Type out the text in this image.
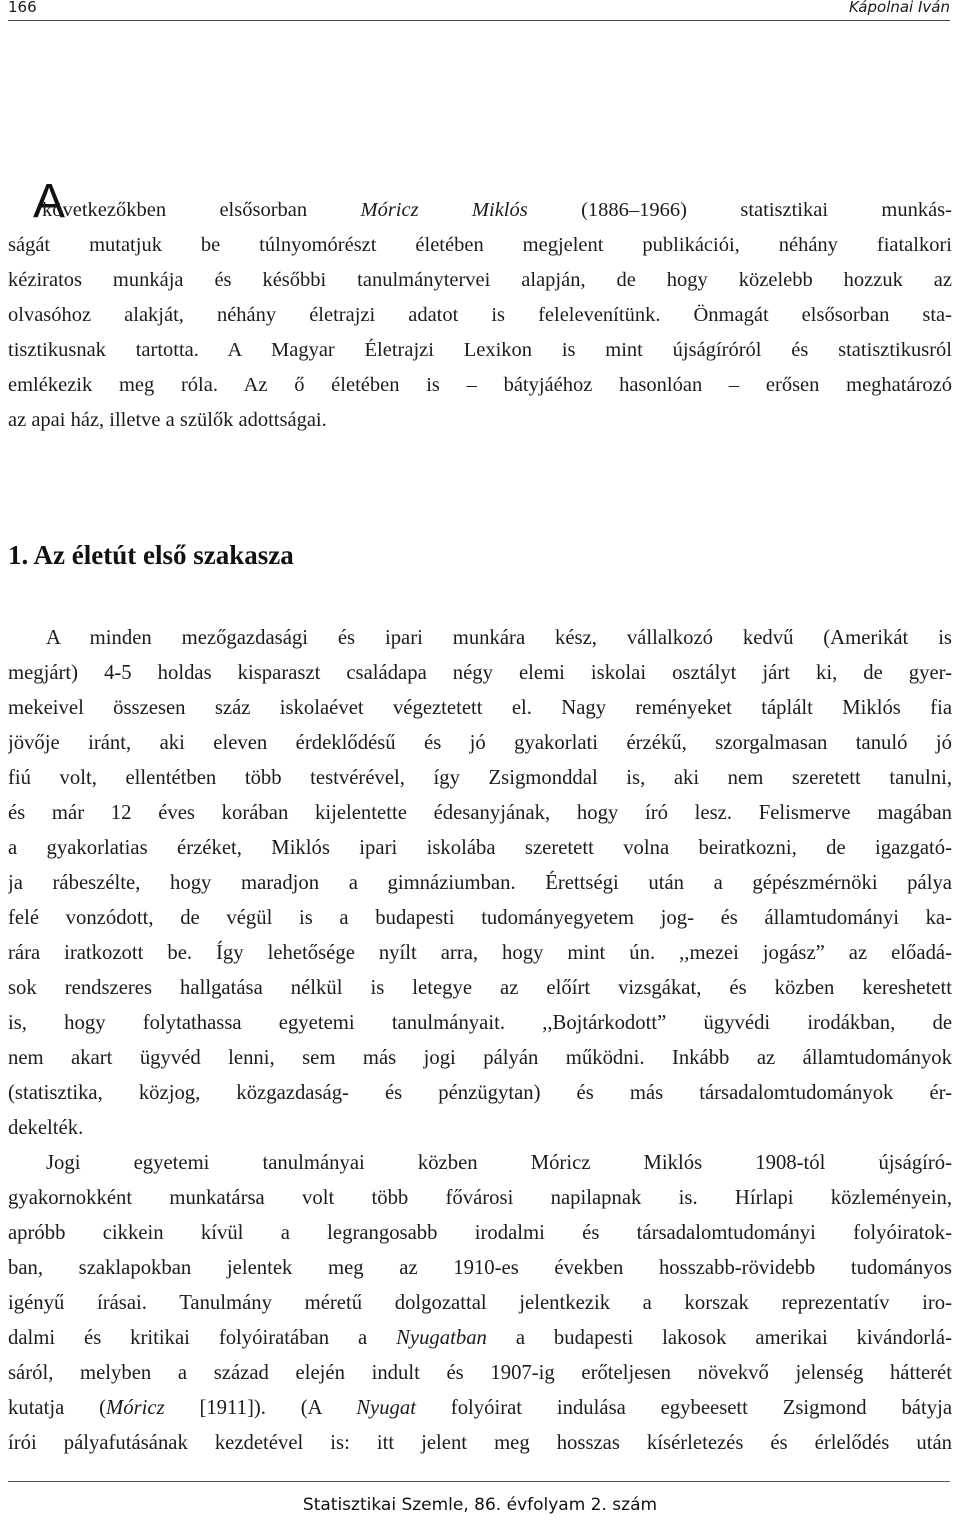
166	Kápolnai Iván
A
következőkben elsősorban Móricz Miklós (1886–1966) statisztikai munkás-
ságát mutatjuk be túlnyomórészt életében megjelent publikációi, néhány fiatalkori
kéziratos munkája és későbbi tanulmánytervei alapján, de hogy közelebb hozzuk az
olvasóhoz alakját, néhány életrajzi adatot is felelevenítünk. Önmagát elsősorban sta-
tisztikusnak tartotta. A Magyar Életrajzi Lexikon is mint újságíróról és statisztikusról
emlékezik meg róla. Az ő életében is – bátyjáéhoz hasonlóan – erősen meghatározó
az apai ház, illetve a szülők adottságai.
1. Az életút első szakasza
A minden mezőgazdasági és ipari munkára kész, vállalkozó kedvű (Amerikát is
megjárt) 4-5 holdas kisparaszt családapa négy elemi iskolai osztályt járt ki, de gyer-
mekeivel összesen száz iskolaévet végeztetett el. Nagy reményeket táplált Miklós fia
jövője iránt, aki eleven érdeklődésű és jó gyakorlati érzékű, szorgalmasan tanuló jó
fiú volt, ellentétben több testvérével, így Zsigmonddal is, aki nem szeretett tanulni,
és már 12 éves korában kijelentette édesanyjának, hogy író lesz. Felismerve magában
a gyakorlatias érzéket, Miklós ipari iskolába szeretett volna beiratkozni, de igazgató-
ja rábeszélte, hogy maradjon a gimnáziumban. Érettségi után a gépészmérnöki pálya
felé vonzódott, de végül is a budapesti tudományegyetem jog- és államtudományi ka-
rára iratkozott be. Így lehetősége nyílt arra, hogy mint ún. ,,mezei jogász” az előadá-
sok rendszeres hallgatása nélkül is letegye az előírt vizsgákat, és közben kereshetett
is, hogy folytathassa egyetemi tanulmányait. ,,Bojtárkodott” ügyvédi irodákban, de
nem akart ügyvéd lenni, sem más jogi pályán működni. Inkább az államtudományok
(statisztika, közjog, közgazdaság- és pénzügytan) és más társadalomtudományok ér-
dekelték.
Jogi egyetemi tanulmányai közben Móricz Miklós 1908-tól újságíró-
gyakornokként munkatársa volt több fővárosi napilapnak is. Hírlapi közleményein,
apróbb cikkein kívül a legrangosabb irodalmi és társadalomtudományi folyóiratok-
ban, szaklapokban jelentek meg az 1910-es években hosszabb-rövidebb tudományos
igényű írásai. Tanulmány méretű dolgozattal jelentkezik a korszak reprezentatív iro-
dalmi és kritikai folyóiratában a Nyugatban a budapesti lakosok amerikai kivándorlá-
sáról, melyben a század elején indult és 1907-ig erőteljesen növekvő jelenség hátterét
kutatja (Móricz [1911]). (A Nyugat folyóirat indulása egybeesett Zsigmond bátyja
írói pályafutásának kezdetével is: itt jelent meg hosszas kísérletezés és érlelődés után
Statisztikai Szemle, 86. évfolyam 2. szám
